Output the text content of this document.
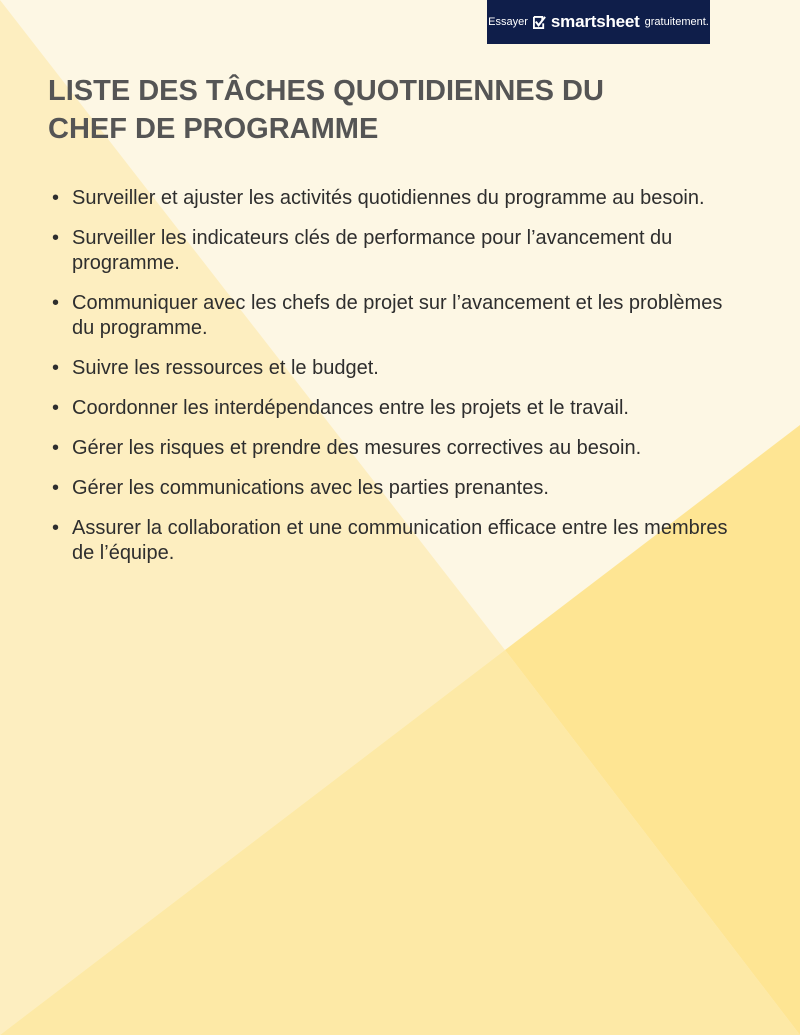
Essayer smartsheet gratuitement.
LISTE DES TÂCHES QUOTIDIENNES DU
CHEF DE PROGRAMME
• Surveiller et ajuster les activités quotidiennes du programme au besoin.
• Surveiller les indicateurs clés de performance pour l’avancement du programme.
• Communiquer avec les chefs de projet sur l’avancement et les problèmes du programme.
• Suivre les ressources et le budget.
• Coordonner les interdépendances entre les projets et le travail.
• Gérer les risques et prendre des mesures correctives au besoin.
• Gérer les communications avec les parties prenantes.
• Assurer la collaboration et une communication efficace entre les membres de l’équipe.
